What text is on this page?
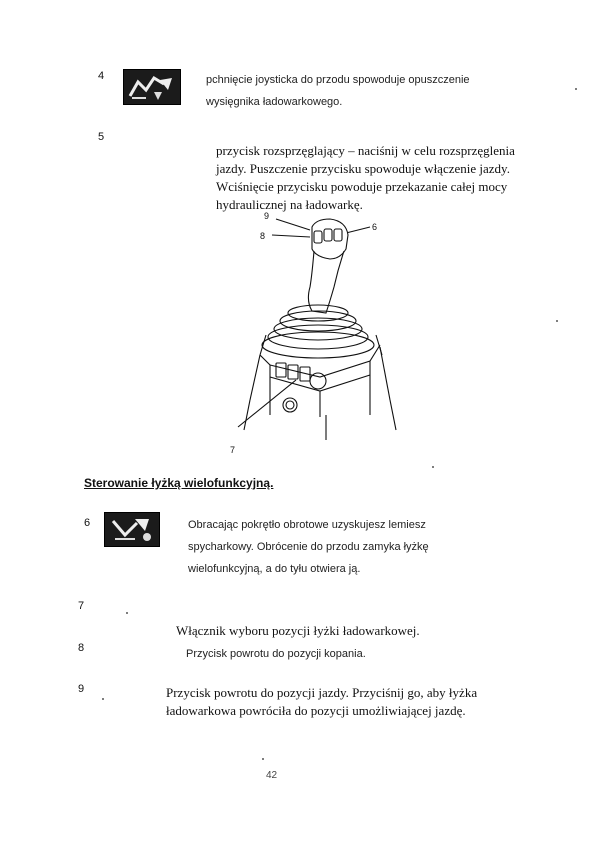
4	pchnięcie joysticka do przodu spowoduje opuszczenie wysięgnika ładowarkowego.
5
przycisk rozsprzęglający – naciśnij w celu rozsprzęglenia jazdy. Puszczenie przycisku spowoduje włączenie jazdy. Wciśnięcie przycisku powoduje przekazanie całej mocy hydraulicznej na ładowarkę.
9
8
6
7
Sterowanie łyżką wielofunkcyjną.
6	Obracając pokrętło obrotowe uzyskujesz lemiesz spycharkowy. Obrócenie do przodu zamyka łyżkę wielofunkcyjną, a do tyłu otwiera ją.
7
Włącznik wyboru pozycji łyżki ładowarkowej.
8	Przycisk powrotu do pozycji kopania.
9	Przycisk powrotu do pozycji jazdy. Przyciśnij go, aby łyżka ładowarkowa powróciła do pozycji umożliwiającej jazdę.
42
